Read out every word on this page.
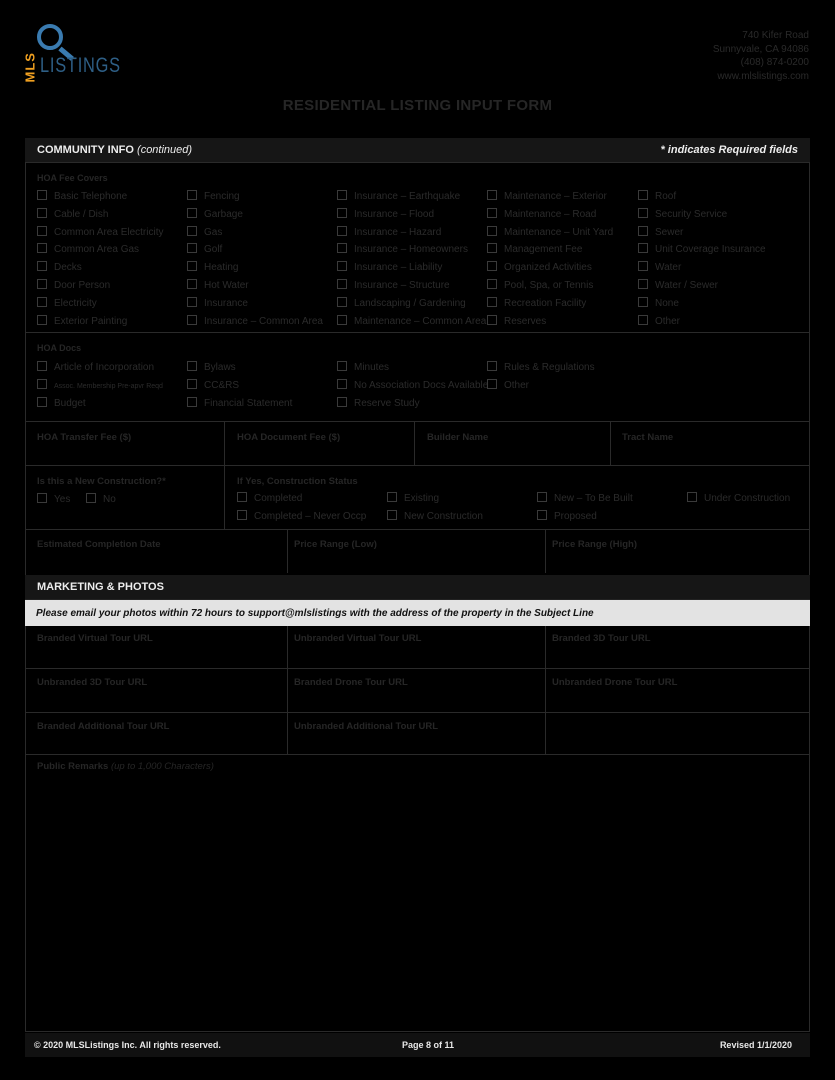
MLS LISTINGS
740 Kifer Road
Sunnyvale, CA 94086
(408) 874-0200
www.mlslistings.com
RESIDENTIAL LISTING INPUT FORM
COMMUNITY INFO (continued)	* indicates Required fields
HOA Fee Covers
Basic Telephone
Cable / Dish
Common Area Electricity
Common Area Gas
Decks
Door Person
Electricity
Exterior Painting
Fencing
Garbage
Gas
Golf
Heating
Hot Water
Insurance
Insurance – Common Area
Insurance – Earthquake
Insurance – Flood
Insurance – Hazard
Insurance – Homeowners
Insurance – Liability
Insurance – Structure
Landscaping / Gardening
Maintenance – Common Area
Maintenance – Exterior
Maintenance – Road
Maintenance – Unit Yard
Management Fee
Organized Activities
Pool, Spa, or Tennis
Recreation Facility
Reserves
Roof
Security Service
Sewer
Unit Coverage Insurance
Water
Water / Sewer
None
Other
HOA Docs
Article of Incorporation
Assoc. Membership Pre-apvr Reqd
Budget
Bylaws
CC&RS
Financial Statement
Minutes
No Association Docs Available
Reserve Study
Rules & Regulations
Other
HOA Transfer Fee ($)	HOA Document Fee ($)	Builder Name	Tract Name
Is this a New Construction?*
Yes	No
If Yes, Construction Status
Completed
Completed – Never Occp
Existing
New Construction
New – To Be Built
Proposed
Under Construction
Estimated Completion Date	Price Range (Low)	Price Range (High)
MARKETING & PHOTOS
Please email your photos within 72 hours to support@mlslistings with the address of the property in the Subject Line
Branded Virtual Tour URL	Unbranded Virtual Tour URL	Branded 3D Tour URL
Unbranded 3D Tour URL	Branded Drone Tour URL	Unbranded Drone Tour URL
Branded Additional Tour URL	Unbranded Additional Tour URL
Public Remarks (up to 1,000 Characters)
© 2020 MLSListings Inc. All rights reserved.	Page 8 of 11	Revised 1/1/2020
